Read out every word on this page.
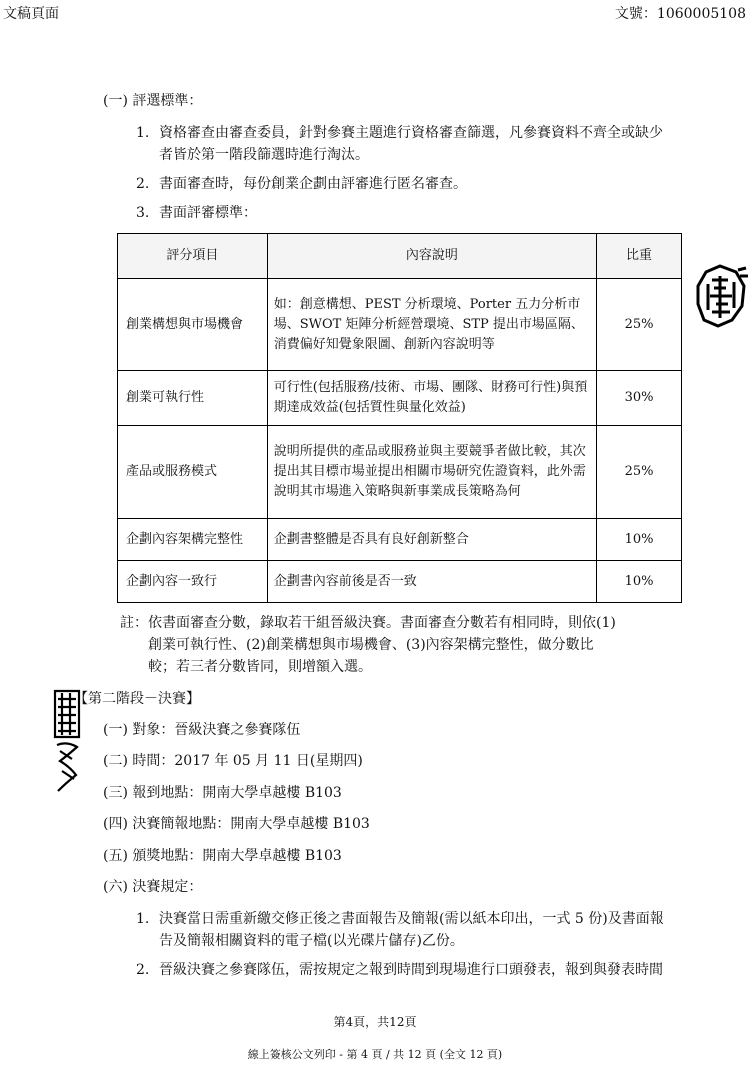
文稿頁面	文號：1060005108
(一) 評選標準：
1. 資格審查由審查委員，針對參賽主題進行資格審查篩選，凡參賽資料不齊全或缺少
者皆於第一階段篩選時進行淘汰。
2. 書面審查時，每份創業企劃由評審進行匿名審查。
3. 書面評審標準：
評分項目	內容說明	比重
創業構想與市場機會	如：創意構想、PEST 分析環境、Porter 五力分析市場、SWOT 矩陣分析經營環境、STP 提出市場區隔、消費偏好知覺象限圖、創新內容說明等	25%
創業可執行性	可行性(包括服務/技術、市場、團隊、財務可行性)與預期達成效益(包括質性與量化效益)	30%
產品或服務模式	說明所提供的產品或服務並與主要競爭者做比較，其次提出其目標市場並提出相關市場研究佐證資料，此外需說明其市場進入策略與新事業成長策略為何	25%
企劃內容架構完整性	企劃書整體是否具有良好創新整合	10%
企劃內容一致行	企劃書內容前後是否一致	10%
註：依書面審查分數，錄取若干組晉級決賽。書面審查分數若有相同時，則依(1)
創業可執行性、(2)創業構想與市場機會、(3)內容架構完整性，做分數比
較；若三者分數皆同，則增額入選。
【第二階段－決賽】
(一) 對象：晉級決賽之參賽隊伍
(二) 時間：2017 年 05 月 11 日(星期四)
(三) 報到地點：開南大學卓越樓 B103
(四) 決賽簡報地點：開南大學卓越樓 B103
(五) 頒獎地點：開南大學卓越樓 B103
(六) 決賽規定：
1. 決賽當日需重新繳交修正後之書面報告及簡報(需以紙本印出，一式 5 份)及書面報
告及簡報相關資料的電子檔(以光碟片儲存)乙份。
2. 晉級決賽之參賽隊伍，需按規定之報到時間到現場進行口頭發表，報到與發表時間
第4頁，共12頁
線上簽核公文列印 - 第 4 頁 / 共 12 頁 (全文 12 頁)
